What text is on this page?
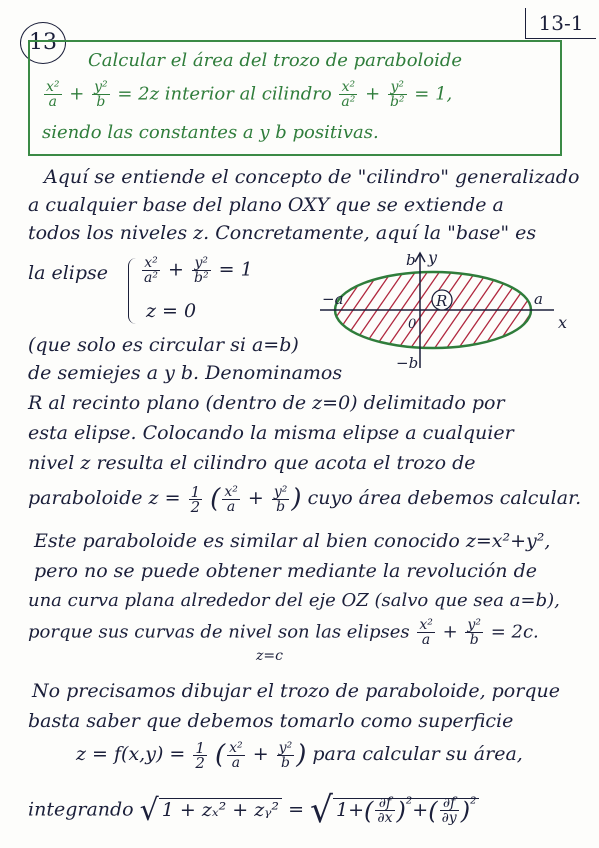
13
13-1
Calcular el área del trozo de paraboloide
$\frac{\text{x²}}{a} + \frac{\text{y²}}{b} = 2z$ interior al cilindro $\frac{\text{x²}}{\text{a²}} + \frac{\text{y²}}{\text{b²}} = 1$,
siendo las constantes a y b positivas.
Aquí se entiende el concepto de "cilindro" generalizado
a cualquier base del plano OXY que se extiende a
todos los niveles z. Concretamente, aquí la "base" es
la elipse $\frac{\text{x²}}{\text{a²}} + \frac{\text{y²}}{\text{b²}} = 1$
z = 0	R
y
x
b
−b
−a	a
0
(que solo es circular si a=b)
de semiejes a y b. Denominamos
R al recinto plano (dentro de z=0) delimitado por
esta elipse. Colocando la misma elipse a cualquier
nivel z resulta el cilindro que acota el trozo de
paraboloide $z = \frac{1}{2}$ ( $\frac{\text{x²}}{a} + \frac{\text{y²}}{b}$ ) cuyo área debemos calcular.
Este paraboloide es similar al bien conocido z=x²+y²,
pero no se puede obtener mediante la revolución de
una curva plana alrededor del eje OZ (salvo que sea a=b),
porque sus curvas de nivel son las elipses $\frac{\text{x²}}{a} + \frac{\text{y²}}{b} = 2c$.
z=c
No precisamos dibujar el trozo de paraboloide, porque
basta saber que debemos tomarlo como superficie
$z = f(x,y) = \frac{1}{2}$ ( $\frac{\text{x²}}{a} + \frac{\text{y²}}{b}$ ) para calcular su área,
integrando √ 1 + zₓ² + zᵧ² = √ $1+( \frac{\partial f}{\partial x} )^{^2}+( \frac{\partial f}{\partial y} )^{^2}$
